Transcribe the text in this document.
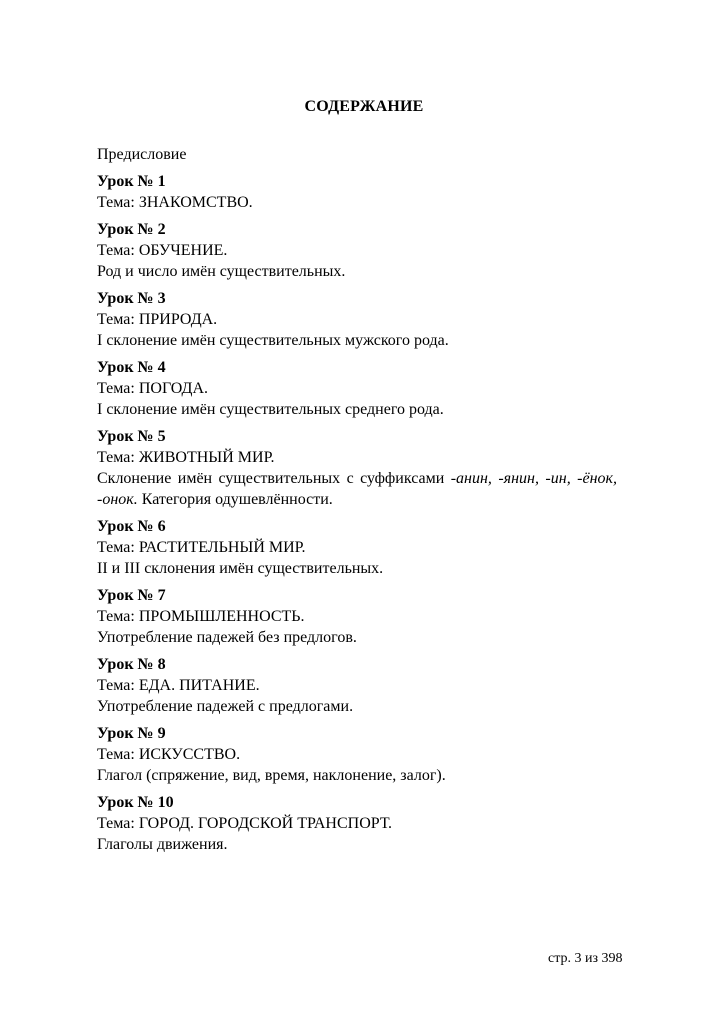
СОДЕРЖАНИЕ
Предисловие
Урок № 1
Тема: ЗНАКОМСТВО.
Урок № 2
Тема: ОБУЧЕНИЕ.
Род и число имён существительных.
Урок № 3
Тема: ПРИРОДА.
I склонение имён существительных мужского рода.
Урок № 4
Тема: ПОГОДА.
I склонение имён существительных среднего рода.
Урок № 5
Тема: ЖИВОТНЫЙ МИР.
Склонение имён существительных с суффиксами -анин, -янин, -ин, -ёнок, -онок. Категория одушевлённости.
Урок № 6
Тема: РАСТИТЕЛЬНЫЙ МИР.
II и III склонения имён существительных.
Урок № 7
Тема: ПРОМЫШЛЕННОСТЬ.
Употребление падежей без предлогов.
Урок № 8
Тема: ЕДА. ПИТАНИЕ.
Употребление падежей с предлогами.
Урок № 9
Тема: ИСКУССТВО.
Глагол (спряжение, вид, время, наклонение, залог).
Урок № 10
Тема: ГОРОД. ГОРОДСКОЙ ТРАНСПОРТ.
Глаголы движения.
стр. 3 из 398
